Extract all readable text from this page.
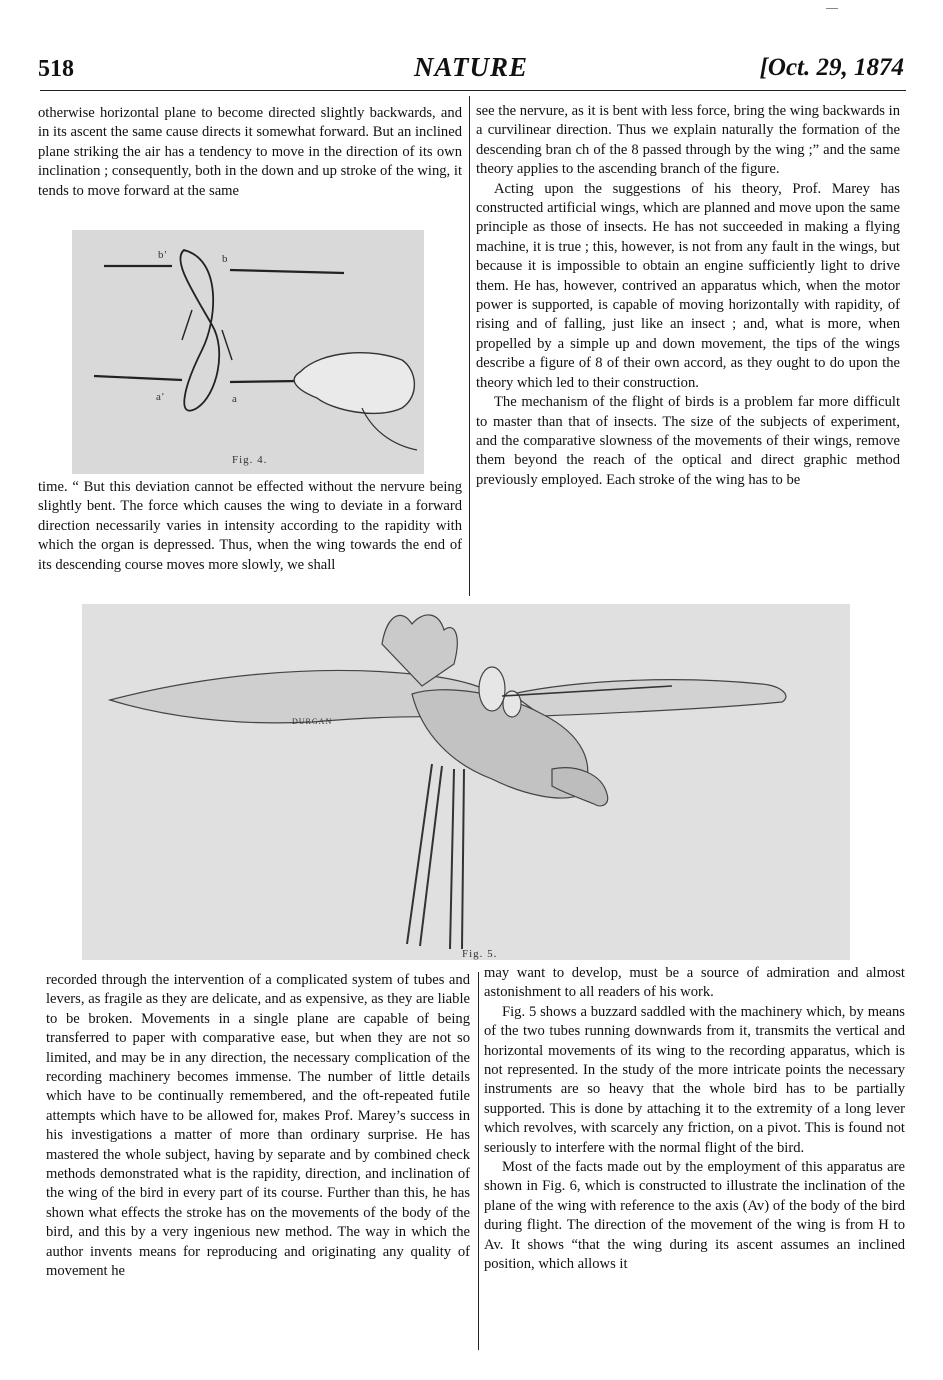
518	NATURE	[Oct. 29, 1874

otherwise horizontal plane to become directed slightly backwards, and in its ascent the same cause directs it somewhat forward. But an inclined plane striking the air has a tendency to move in the direction of its own inclination ; consequently, both in the down and up stroke of the wing, it tends to move forward at the same

b'	b
a'	a
Fig. 4.

time. “ But this deviation cannot be effected without the nervure being slightly bent. The force which causes the wing to deviate in a forward direction necessarily varies in intensity according to the rapidity with which the organ is depressed. Thus, when the wing towards the end of its descending course moves more slowly, we shall

see the nervure, as it is bent with less force, bring the wing backwards in a curvilinear direction. Thus we explain naturally the formation of the descending bran ch of the 8 passed through by the wing ;” and the same theory applies to the ascending branch of the figure.

Acting upon the suggestions of his theory, Prof. Marey has constructed artificial wings, which are planned and move upon the same principle as those of insects. He has not succeeded in making a flying machine, it is true ; this, however, is not from any fault in the wings, but because it is impossible to obtain an engine sufficiently light to drive them. He has, however, contrived an apparatus which, when the motor power is supported, is capable of moving horizontally with rapidity, of rising and of falling, just like an insect ; and, what is more, when propelled by a simple up and down movement, the tips of the wings describe a figure of 8 of their own accord, as they ought to do upon the theory which led to their construction.

The mechanism of the flight of birds is a problem far more difficult to master than that of insects. The size of the subjects of experiment, and the comparative slowness of the movements of their wings, remove them beyond the reach of the optical and direct graphic method previously employed. Each stroke of the wing has to be

DURGAN
Fig. 5.

recorded through the intervention of a complicated system of tubes and levers, as fragile as they are delicate, and as expensive, as they are liable to be broken. Movements in a single plane are capable of being transferred to paper with comparative ease, but when they are not so limited, and may be in any direction, the necessary complication of the recording machinery becomes immense. The number of little details which have to be continually remembered, and the oft-repeated futile attempts which have to be allowed for, makes Prof. Marey’s success in his investigations a matter of more than ordinary surprise. He has mastered the whole subject, having by separate and by combined check methods demonstrated what is the rapidity, direction, and inclination of the wing of the bird in every part of its course. Further than this, he has shown what effects the stroke has on the movements of the body of the bird, and this by a very ingenious new method. The way in which the author invents means for reproducing and originating any quality of movement he

may want to develop, must be a source of admiration and almost astonishment to all readers of his work.

Fig. 5 shows a buzzard saddled with the machinery which, by means of the two tubes running downwards from it, transmits the vertical and horizontal movements of its wing to the recording apparatus, which is not represented. In the study of the more intricate points the necessary instruments are so heavy that the whole bird has to be partially supported. This is done by attaching it to the extremity of a long lever which revolves, with scarcely any friction, on a pivot. This is found not seriously to interfere with the normal flight of the bird.

Most of the facts made out by the employment of this apparatus are shown in Fig. 6, which is constructed to illustrate the inclination of the plane of the wing with reference to the axis (Av) of the body of the bird during flight. The direction of the movement of the wing is from H to Av. It shows “that the wing during its ascent assumes an inclined position, which allows it
